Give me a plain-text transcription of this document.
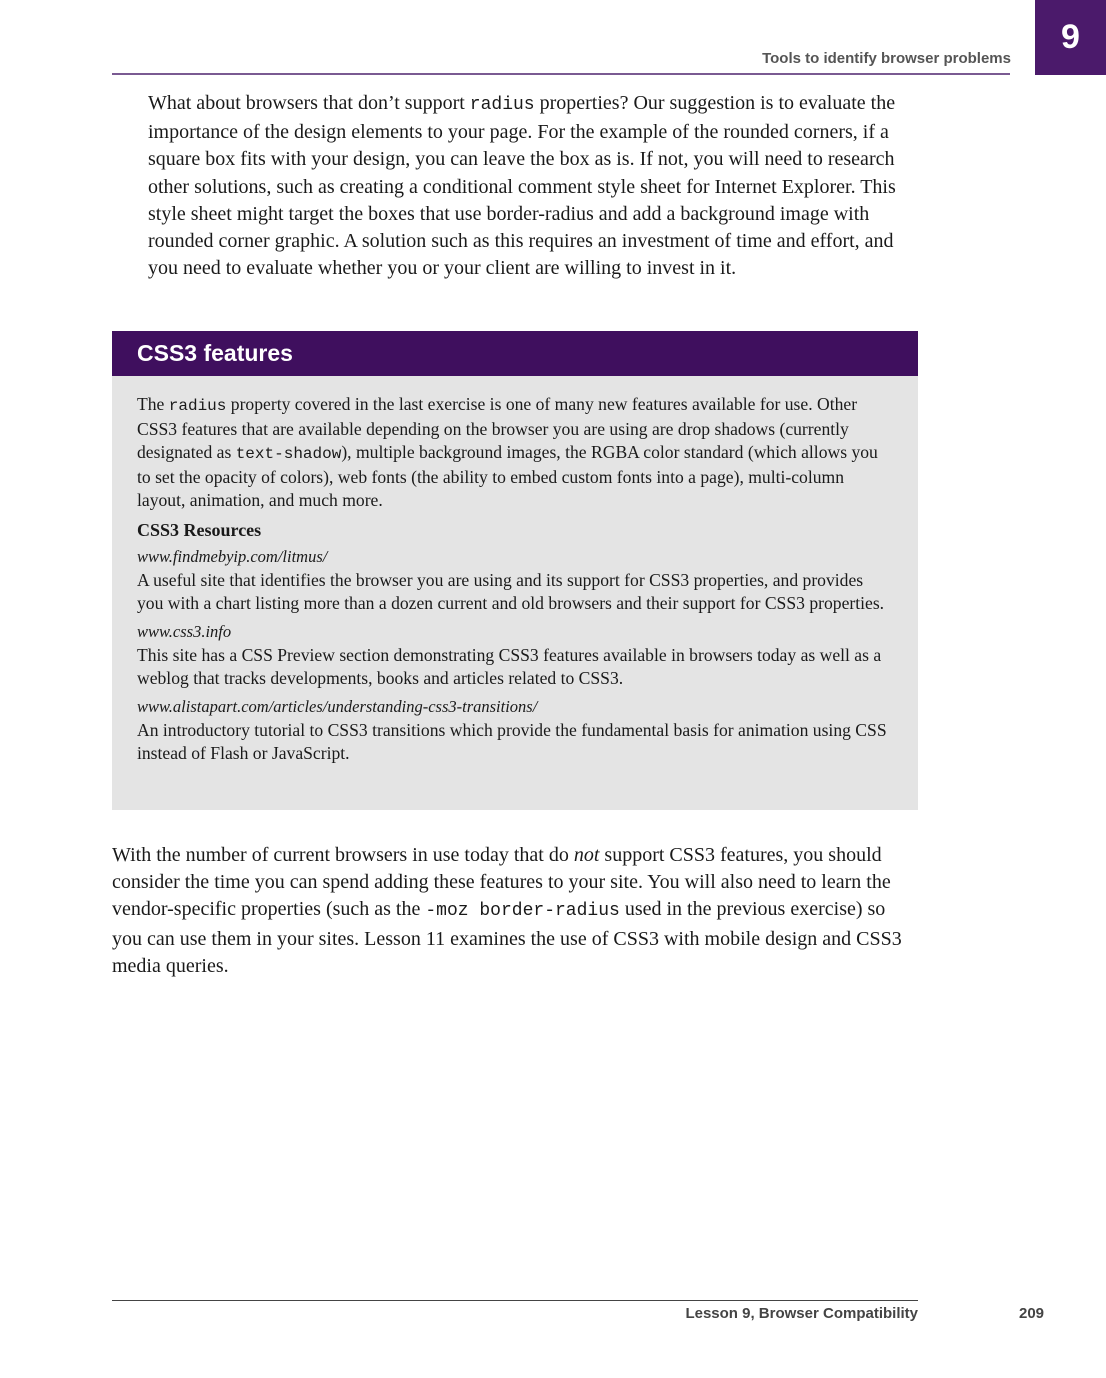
9
Tools to identify browser problems

What about browsers that don’t support radius properties? Our suggestion is to evaluate the importance of the design elements to your page. For the example of the rounded corners, if a square box fits with your design, you can leave the box as is. If not, you will need to research other solutions, such as creating a conditional comment style sheet for Internet Explorer. This style sheet might target the boxes that use border-radius and add a background image with rounded corner graphic. A solution such as this requires an investment of time and effort, and you need to evaluate whether you or your client are willing to invest in it.

CSS3 features

The radius property covered in the last exercise is one of many new features available for use. Other CSS3 features that are available depending on the browser you are using are drop shadows (currently designated as text-shadow), multiple background images, the RGBA color standard (which allows you to set the opacity of colors), web fonts (the ability to embed custom fonts into a page), multi-column layout, animation, and much more.

CSS3 Resources

www.findmebyip.com/litmus/

A useful site that identifies the browser you are using and its support for CSS3 properties, and provides you with a chart listing more than a dozen current and old browsers and their support for CSS3 properties.

www.css3.info

This site has a CSS Preview section demonstrating CSS3 features available in browsers today as well as a weblog that tracks developments, books and articles related to CSS3.

www.alistapart.com/articles/understanding-css3-transitions/

An introductory tutorial to CSS3 transitions which provide the fundamental basis for animation using CSS instead of Flash or JavaScript.

With the number of current browsers in use today that do not support CSS3 features, you should consider the time you can spend adding these features to your site. You will also need to learn the vendor-specific properties (such as the -moz border-radius used in the previous exercise) so you can use them in your sites. Lesson 11 examines the use of CSS3 with mobile design and CSS3 media queries.

Lesson 9, Browser Compatibility	209
